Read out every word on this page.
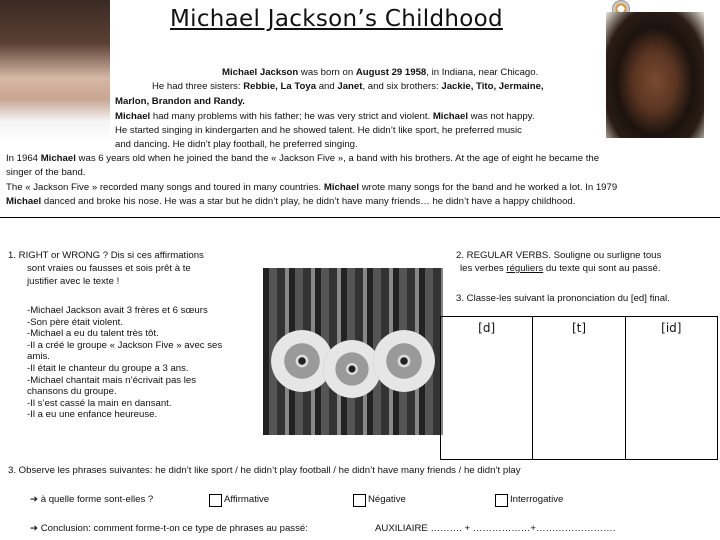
Michael Jackson’s Childhood
Michael Jackson was born on August 29 1958, in Indiana, near Chicago.
He had three sisters: Rebbie, La Toya and Janet, and six brothers: Jackie, Tito, Jermaine,
Marlon, Brandon and Randy.
Michael had many problems with his father; he was very strict and violent. Michael was not happy.
He started singing in kindergarten and he showed talent. He didn’t like sport, he preferred music
and dancing. He didn’t play football, he preferred singing.
In 1964 Michael was 6 years old when he joined the band the « Jackson Five », a band with his brothers. At the age of eight he became the
singer of the band.
The « Jackson Five » recorded many songs and toured in many countries. Michael wrote many songs for the band and he worked a lot. In 1979
Michael danced and broke his nose. He was a star but he didn’t play, he didn’t have many friends… he didn’t have a happy childhood.
1. RIGHT or WRONG ? Dis si ces affirmations
sont vraies ou fausses et sois prêt à te
justifier avec le texte !
-Michael Jackson avait 3 frères et 6 sœurs
-Son père était violent.
-Michael a eu du talent très tôt.
-Il a créé le groupe « Jackson Five » avec ses
amis.
-Il était le chanteur du groupe a 3 ans.
-Michael chantait mais n’écrivait pas les
chansons du groupe.
-Il s’est cassé la main en dansant.
-Il a eu une enfance heureuse.
2. REGULAR VERBS. Souligne ou surligne tous
les verbes réguliers du texte qui sont au passé.
3. Classe-les suivant la prononciation du [ed] final.
[d]	[t]	[id]
3. Observe les phrases suivantes: he didn’t like sport / he didn’t play football / he didn’t have many friends / he didn’t play
➔ à quelle forme sont-elles ?	Affirmative	Négative	Interrogative
➔ Conclusion: comment forme-t-on ce type de phrases au passé:	AUXILIAIRE ………. + ………………+…………………….
